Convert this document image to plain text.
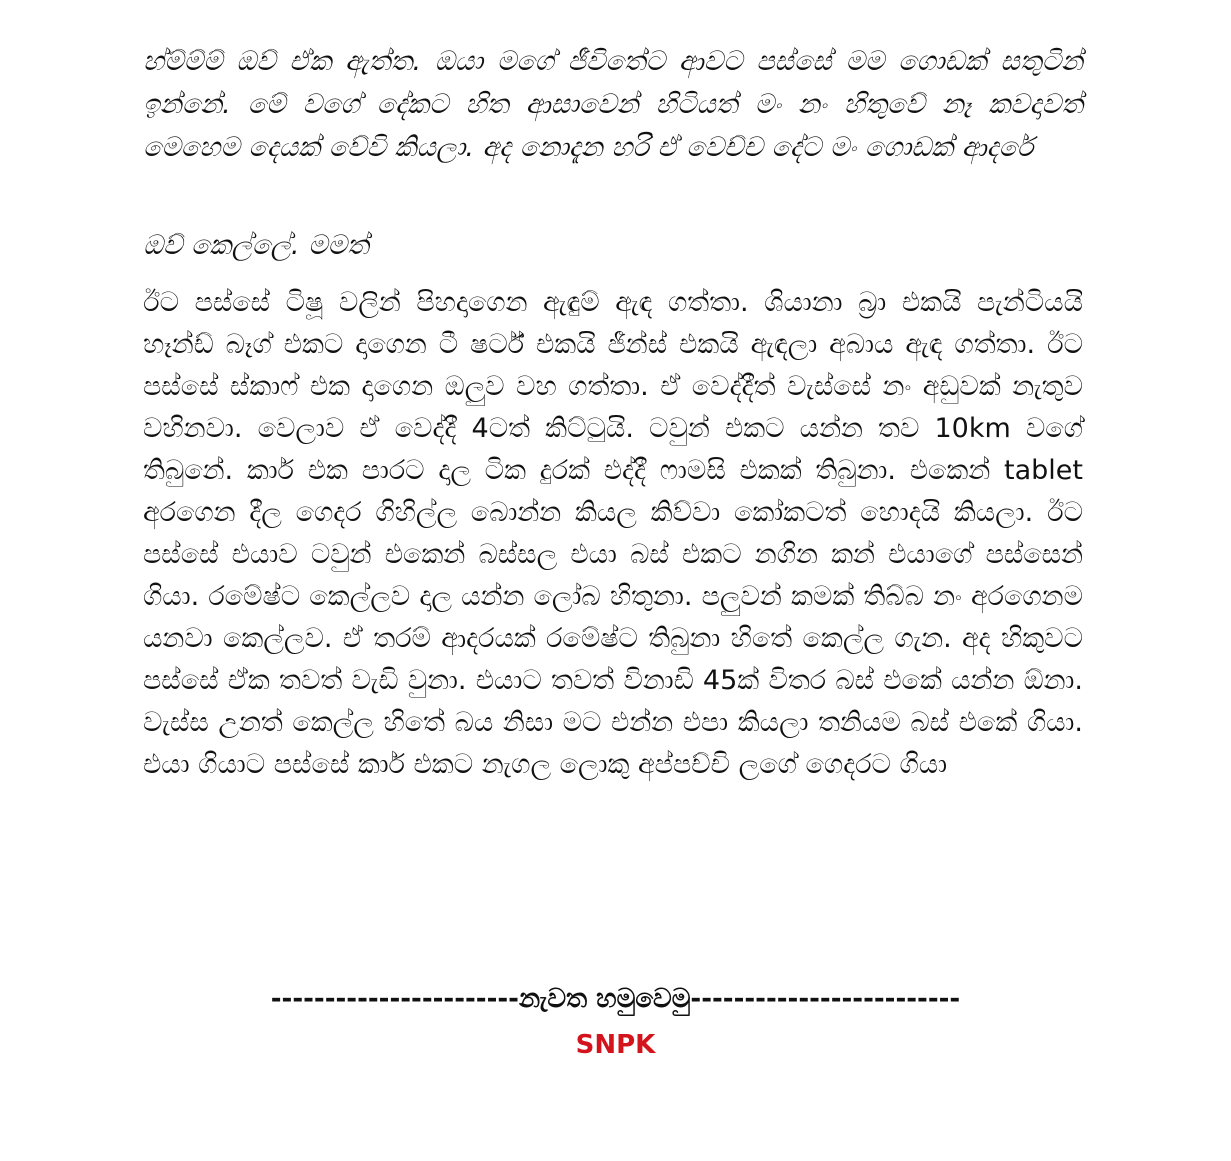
හ්ම්ම්ම් ඔව් ඒක ඇත්ත. ඔයා මගේ ජීවිතේට ආවට පස්සේ මම ගොඩක් සතුටින් ඉන්නේ. මේ වගේ දේකට හිත ආසාවෙන් හිටියත් මං නං හිතුවේ නෑ කවදාවත් මෙහෙම දෙයක් වේවි කියලා. අද නොදැන හරි ඒ වෙච්ච දේට මං ගොඩක් ආදරේ

ඔව් කෙල්ලේ. මමත්

ඊට පස්සේ ටිෂූ වලින් පිහදාගෙන ඇඳුම් ඇඳ ගත්තා. ශියානා බ්‍රා එකයි පැන්ටියයි හෑන්ඩ් බෑග් එකට දාගෙන ටී ෂර්ට් එකයි ජීන්ස් එකයි ඇඳලා අබාය ඇඳ ගත්තා. ඊට පස්සේ ස්කාෆ් එක දාගෙන ඔලුව වහ ගත්තා. ඒ වෙද්දීත් වැස්සේ නං අඩුවක් නැතුව වහිනවා. වෙලාව ඒ වෙද්දී 4ටත් කිට්ටුයි. ටවුන් එකට යන්න තව 10km වගේ තිබුනේ. කාර් එක පාරට දාල ටික දුරක් එද්දී ෆාමසි එකක් තිබුනා. එකෙන් tablet අරගෙන දීල ගෙදර ගිහිල්ල බොන්න කියල කිව්වා කෝකටත් හොදයි කියලා. ඊට පස්සේ එයාව ටවුන් එකෙන් බස්සල එයා බස් එකට නගින කන් එයාගේ පස්සෙන් ගියා. රමේෂ්ට කෙල්ලව දාල යන්න ලෝබ හිතුනා. පලුවන් කමක් තිබ්බ නං අරගෙනම යනවා කෙල්ලව. ඒ තරම් ආදරයක් රමේෂ්ට තිබුනා හිතේ කෙල්ල ගැන. අද හිකුවට පස්සේ ඒක තවත් වැඩි වුනා. එයාට තවත් විනාඩි 45ක් විතර බස් එකේ යන්න ඕනා. වැස්ස උනත් කෙල්ල හිතේ බය නිසා මට එන්න එපා කියලා තනියම බස් එකේ ගියා. එයා ගියාට පස්සේ කාර් එකට නැගල ලොකු අප්පච්චි ලගේ ගෙදරට ගියා

-----------------------නැවත හමුවෙමු-------------------------
SNPK
